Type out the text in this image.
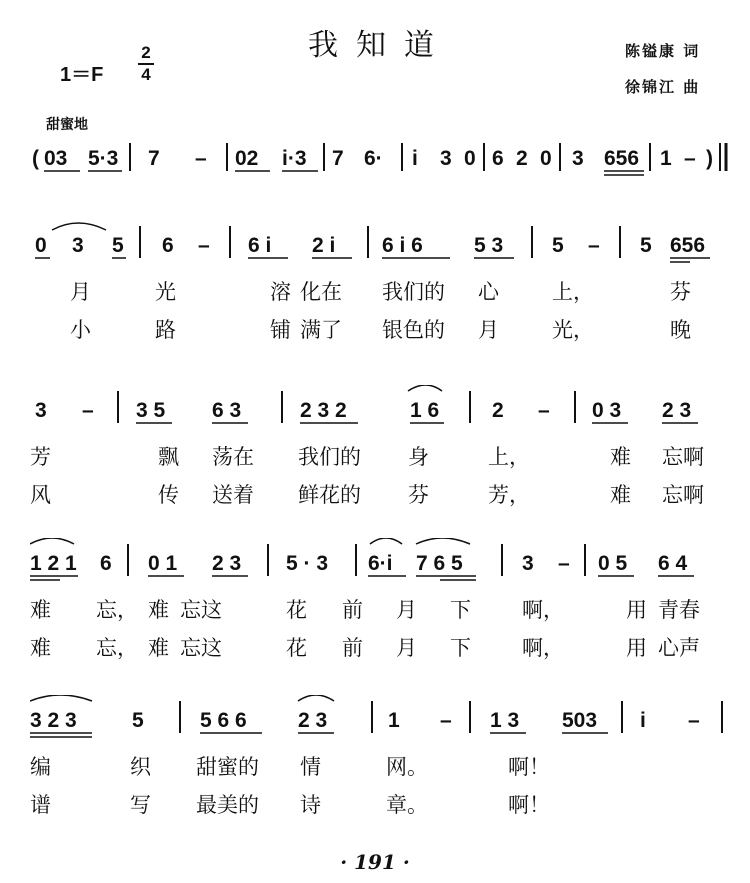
我知道
1＝F
2
4
陈镒康 词
徐锦江 曲
甜蜜地
( 03 5·3 7 – 02 i·3 7 6· i 3 0 6 2 0 3 656 1 – )
0 3 5 6 – 6 i 2 i 6 i 6 5 3 5 – 5 656
月	光	溶 化在 我们的 心	上，	芬
小	路	铺 满了 银色的 月	光，	晚
3 – 3 5 6 3	2 3 2	1 6	2 – 0 3 2 3
芳	飘 荡在 我们的 身	上，	难 忘啊
风	传 送着 鲜花的 芬	芳，	难 忘啊
1 2 1 6 0 1 2 3 5 · 3 6·i 7 6 5	3 – 0 5 6 4
难 忘， 难 忘这	花 前 月 下 啊，	用 青春
难 忘， 难 忘这	花 前 月 下 啊，	用 心声
3 2 3	5	5 6 6 2 3	1 – 1 3 503 i –
编	织 甜蜜的 情	网。	啊！
谱	写 最美的 诗	章。	啊！
· 191 ·
